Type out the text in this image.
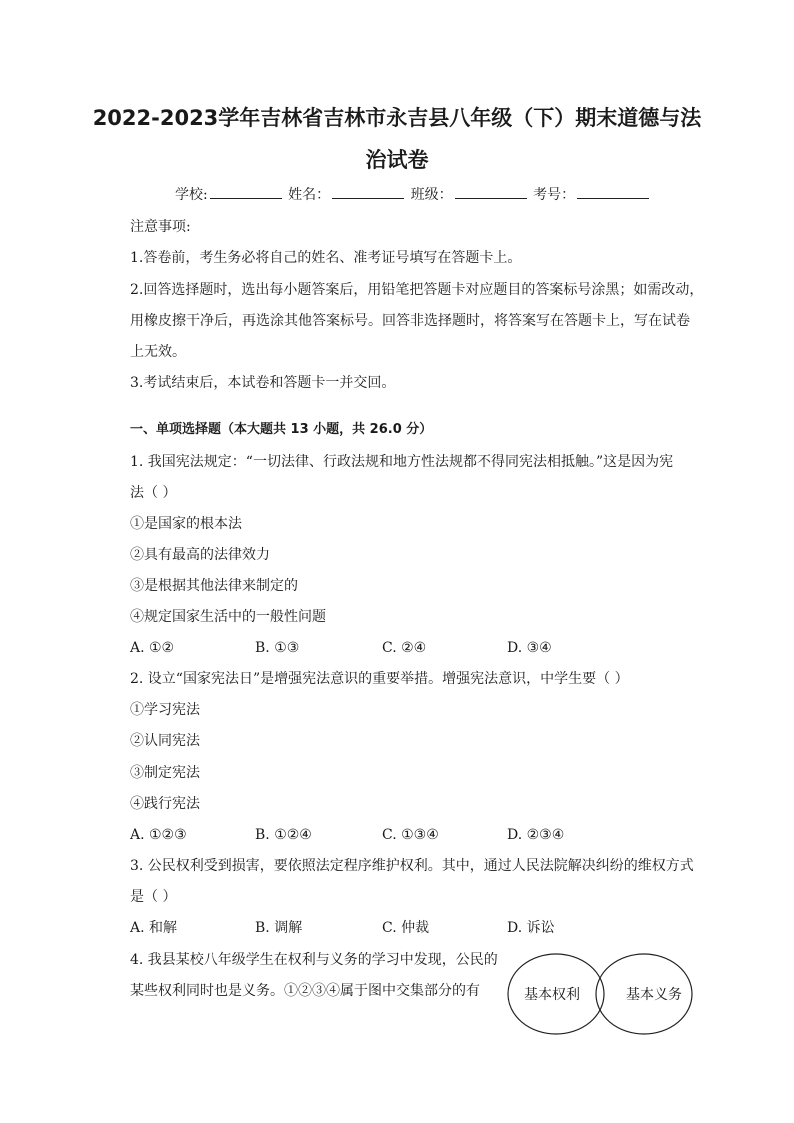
2022-2023学年吉林省吉林市永吉县八年级（下）期末道德与法
治试卷
学校:	姓名：	班级：	考号：
注意事项:
1.答卷前，考生务必将自己的姓名、准考证号填写在答题卡上。
2.回答选择题时，选出每小题答案后，用铅笔把答题卡对应题目的答案标号涂黑；如需改动，
用橡皮擦干净后，再选涂其他答案标号。回答非选择题时，将答案写在答题卡上，写在试卷
上无效。
3.考试结束后，本试卷和答题卡一并交回。
一、单项选择题（本大题共 13 小题，共 26.0 分）
1. 我国宪法规定：“一切法律、行政法规和地方性法规都不得同宪法相抵触。”这是因为宪
法（ ）
①是国家的根本法
②具有最高的法律效力
③是根据其他法律来制定的
④规定国家生活中的一般性问题
A. ①②	B. ①③	C. ②④	D. ③④
2. 设立“国家宪法日”是增强宪法意识的重要举措。增强宪法意识，中学生要（ ）
①学习宪法
②认同宪法
③制定宪法
④践行宪法
A. ①②③	B. ①②④	C. ①③④	D. ②③④
3. 公民权利受到损害，要依照法定程序维护权利。其中，通过人民法院解决纠纷的维权方式
是（ ）
A. 和解	B. 调解	C. 仲裁	D. 诉讼
4. 我县某校八年级学生在权利与义务的学习中发现，公民的
某些权利同时也是义务。①②③④属于图中交集部分的有	基本权利	基本义务
